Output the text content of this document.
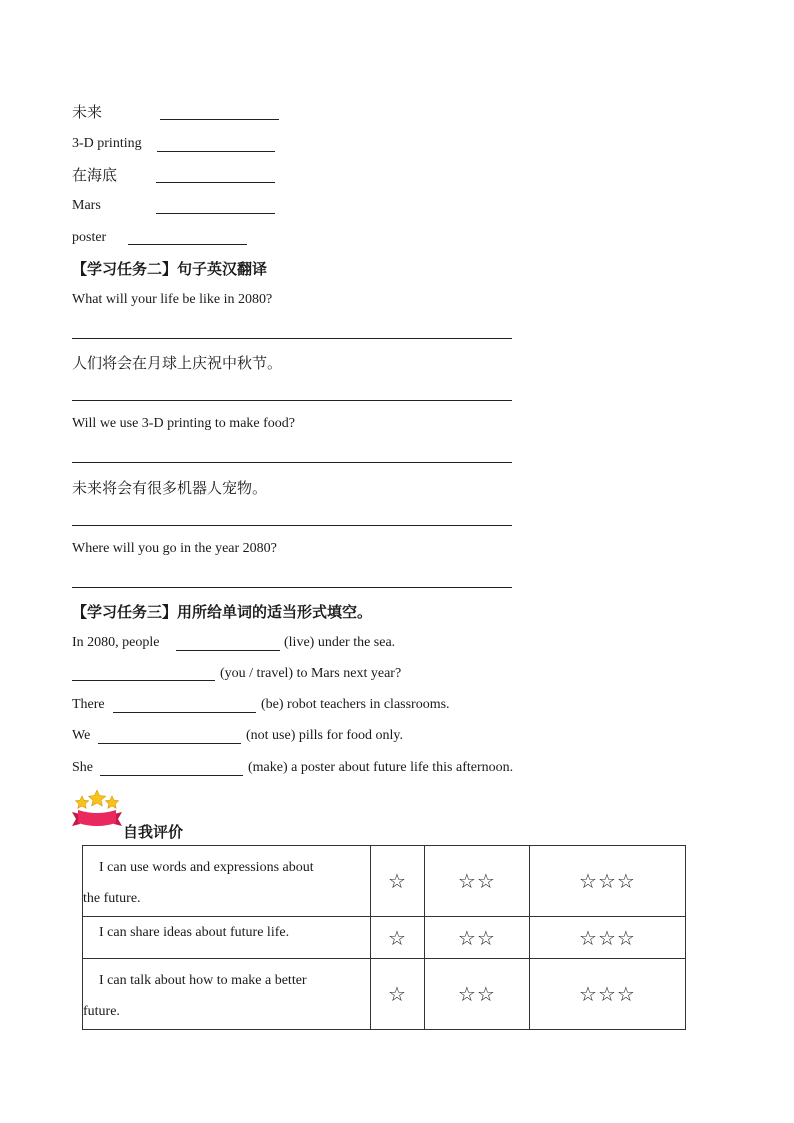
未来
3-D printing
在海底
Mars
poster
【学习任务二】句子英汉翻译
What will your life be like in 2080?
人们将会在月球上庆祝中秋节。
Will we use 3-D printing to make food?
未来将会有很多机器人宠物。
Where will you go in the year 2080?
【学习任务三】用所给单词的适当形式填空。
In 2080, people	(live) under the sea.
(you / travel) to Mars next year?
There	(be) robot teachers in classrooms.
We	(not use) pills for food only.
She	(make) a poster about future life this afternoon.
自我评价
I can use words and expressions about
the future.	☆	☆☆	☆☆☆
I can share ideas about future life.	☆	☆☆	☆☆☆
I can talk about how to make a better
future.	☆	☆☆	☆☆☆
